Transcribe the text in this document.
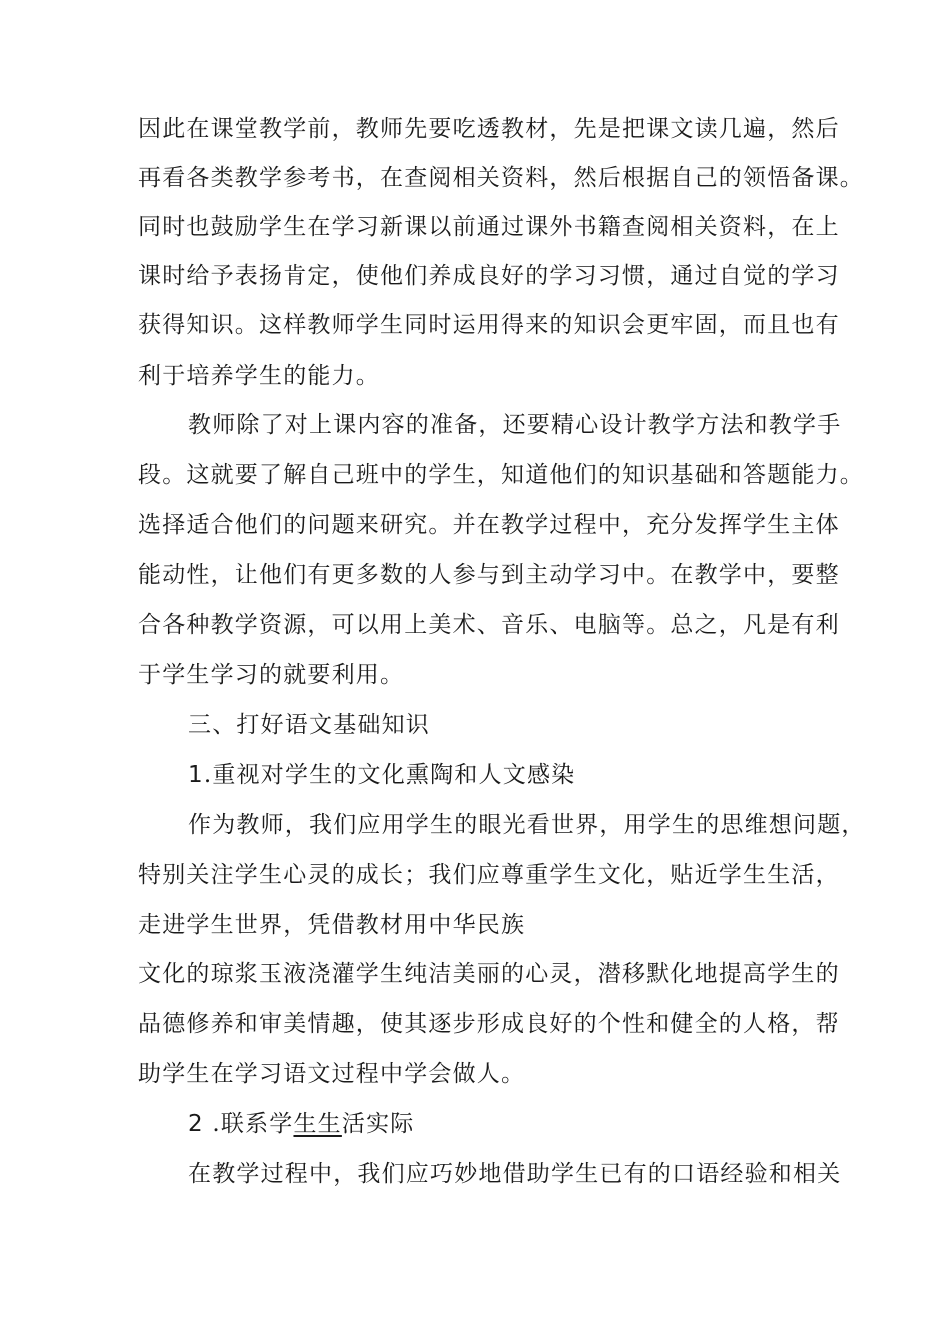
因此在课堂教学前，教师先要吃透教材，先是把课文读几遍，然后
再看各类教学参考书，在查阅相关资料，然后根据自己的领悟备课。
同时也鼓励学生在学习新课以前通过课外书籍查阅相关资料，在上
课时给予表扬肯定，使他们养成良好的学习习惯，通过自觉的学习
获得知识。这样教师学生同时运用得来的知识会更牢固，而且也有
利于培养学生的能力。
教师除了对上课内容的准备，还要精心设计教学方法和教学手
段。这就要了解自己班中的学生，知道他们的知识基础和答题能力。
选择适合他们的问题来研究。并在教学过程中，充分发挥学生主体
能动性，让他们有更多数的人参与到主动学习中。在教学中，要整
合各种教学资源，可以用上美术、音乐、电脑等。总之，凡是有利
于学生学习的就要利用。
三、打好语文基础知识
1.重视对学生的文化熏陶和人文感染
作为教师，我们应用学生的眼光看世界，用学生的思维想问题，
特别关注学生心灵的成长；我们应尊重学生文化，贴近学生生活，
走进学生世界，凭借教材用中华民族
文化的琼浆玉液浇灌学生纯洁美丽的心灵，潜移默化地提高学生的
品德修养和审美情趣，使其逐步形成良好的个性和健全的人格，帮
助学生在学习语文过程中学会做人。
2 .联系学生生活实际
在教学过程中，我们应巧妙地借助学生已有的口语经验和相关
